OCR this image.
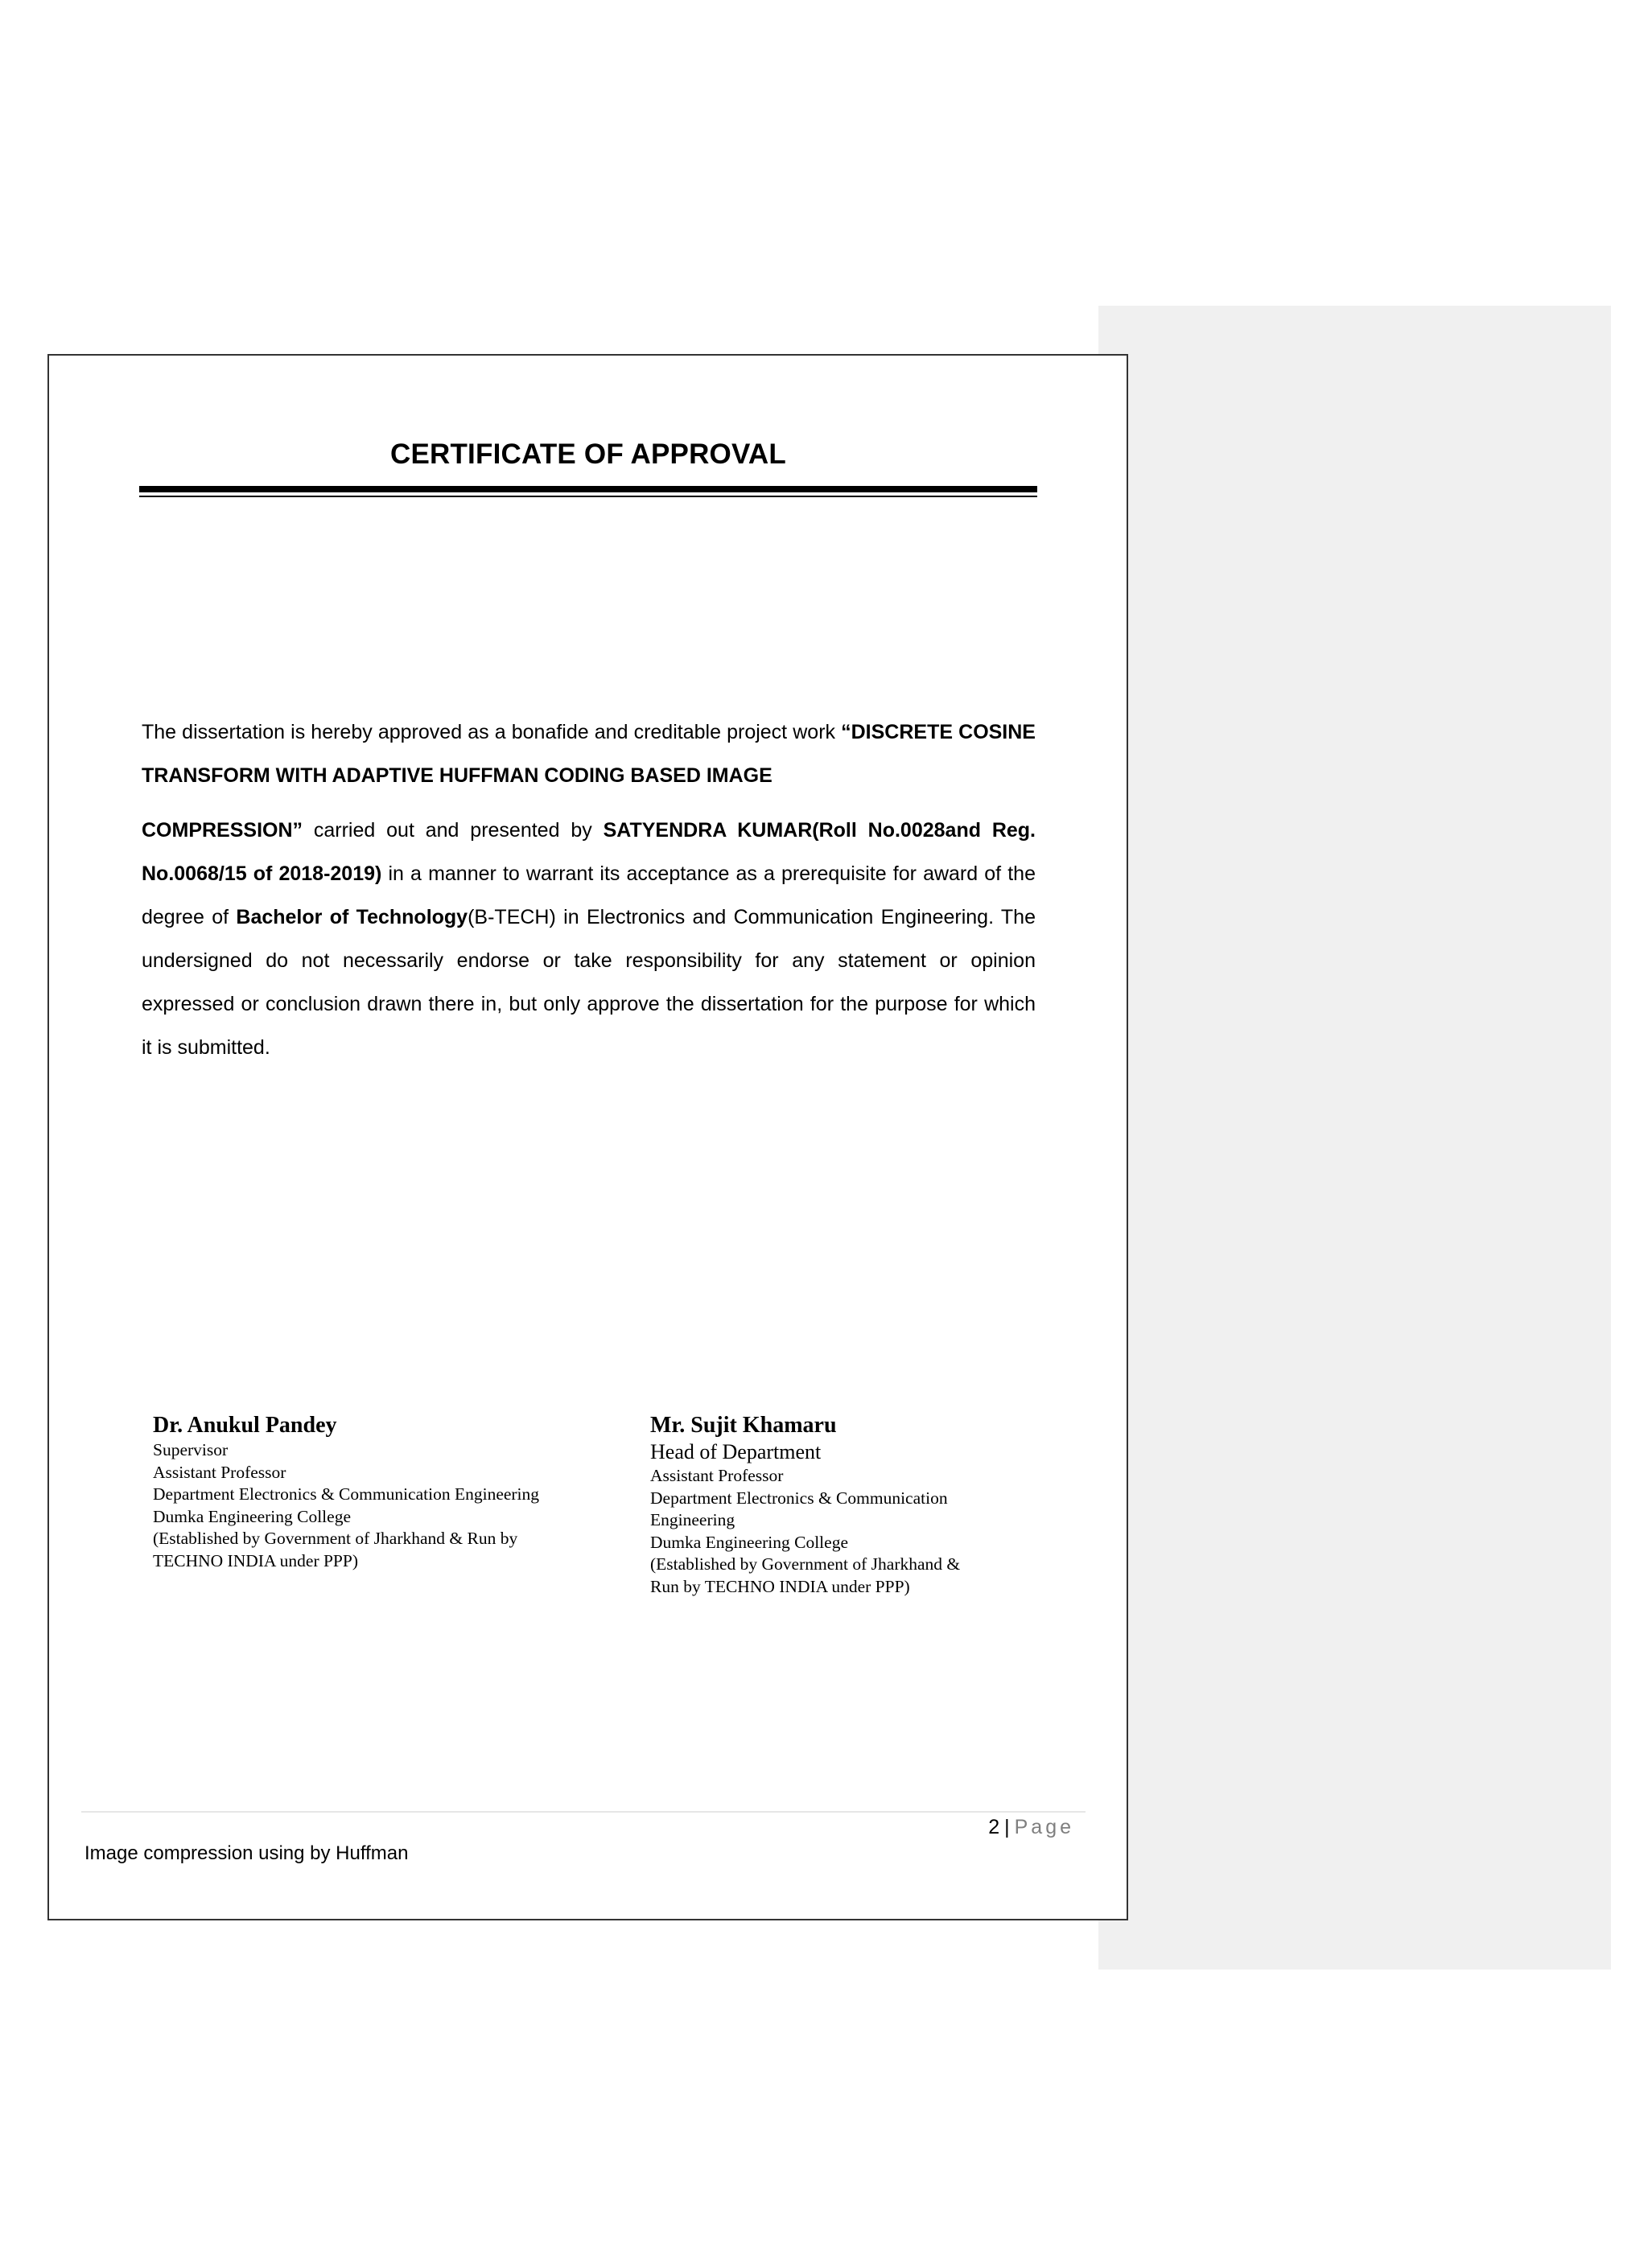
CERTIFICATE OF APPROVAL
The dissertation is hereby approved as a bonafide and creditable project work “DISCRETE COSINE TRANSFORM WITH ADAPTIVE HUFFMAN CODING BASED IMAGE
COMPRESSION” carried out and presented by SATYENDRA KUMAR(Roll No.0028and Reg. No.0068/15 of 2018-2019) in a manner to warrant its acceptance as a prerequisite for award of the degree of Bachelor of Technology(B-TECH) in Electronics and Communication Engineering. The undersigned do not necessarily endorse or take responsibility for any statement or opinion expressed or conclusion drawn there in, but only approve the dissertation for the purpose for which it is submitted.
Dr. Anukul Pandey
Supervisor
Assistant Professor
Department Electronics & Communication Engineering
Dumka Engineering College
(Established by Government of Jharkhand & Run by
TECHNO INDIA under PPP)
Mr. Sujit Khamaru
Head of Department
Assistant Professor
Department Electronics & Communication
Engineering
Dumka Engineering College
(Established by Government of Jharkhand &
Run by TECHNO INDIA under PPP)
2 | Page
Image compression using by Huffman
